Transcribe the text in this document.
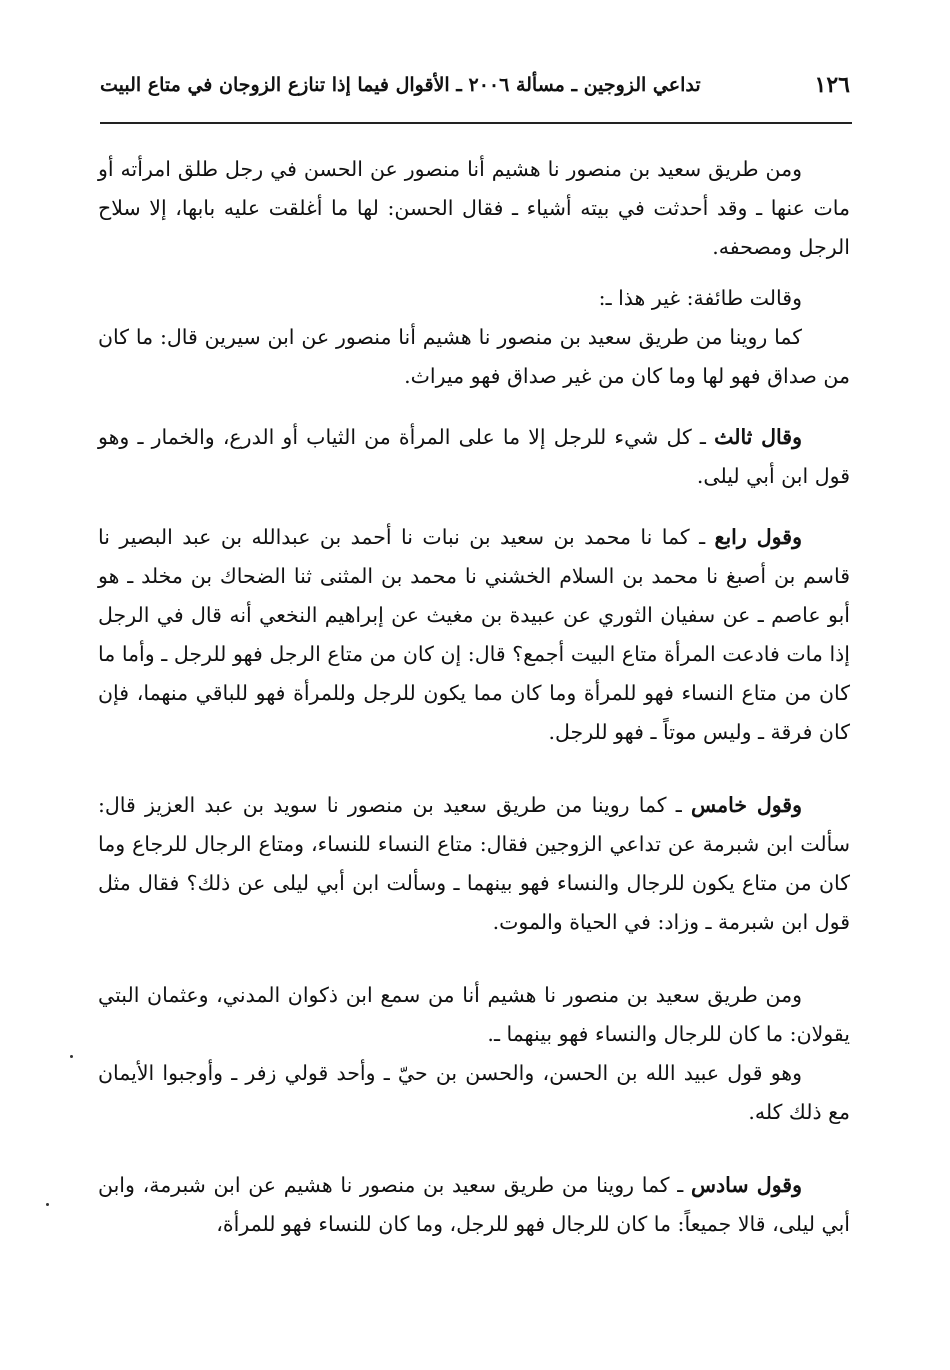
١٢٦
تداعي الزوجين ـ مسألة ٢٠٠٦ ـ الأقوال فيما إذا تنازع الزوجان في متاع البيت

ومن طريق سعيد بن منصور نا هشيم أنا منصور عن الحسن في رجل طلق امرأته أو مات عنها ـ وقد أحدثت في بيته أشياء ـ فقال الحسن: لها ما أغلقت عليه بابها، إلا سلاح الرجل ومصحفه.

وقالت طائفة: غير هذا ـ:

كما روينا من طريق سعيد بن منصور نا هشيم أنا منصور عن ابن سيرين قال: ما كان من صداق فهو لها وما كان من غير صداق فهو ميراث.

وقال ثالث ـ كل شيء للرجل إلا ما على المرأة من الثياب أو الدرع، والخمار ـ وهو قول ابن أبي ليلى.

وقول رابع ـ كما نا محمد بن سعيد بن نبات نا أحمد بن عبدالله بن عبد البصير نا قاسم بن أصبغ نا محمد بن السلام الخشني نا محمد بن المثنى ثنا الضحاك بن مخلد ـ هو أبو عاصم ـ عن سفيان الثوري عن عبيدة بن مغيث عن إبراهيم النخعي أنه قال في الرجل إذا مات فادعت المرأة متاع البيت أجمع؟ قال: إن كان من متاع الرجل فهو للرجل ـ وأما ما كان من متاع النساء فهو للمرأة وما كان مما يكون للرجل وللمرأة فهو للباقي منهما، فإن كان فرقة ـ وليس موتاً ـ فهو للرجل.

وقول خامس ـ كما روينا من طريق سعيد بن منصور نا سويد بن عبد العزيز قال: سألت ابن شبرمة عن تداعي الزوجين فقال: متاع النساء للنساء، ومتاع الرجال للرجاع وما كان من متاع يكون للرجال والنساء فهو بينهما ـ وسألت ابن أبي ليلى عن ذلك؟ فقال مثل قول ابن شبرمة ـ وزاد: في الحياة والموت.

ومن طريق سعيد بن منصور نا هشيم أنا من سمع ابن ذكوان المدني، وعثمان البتي يقولان: ما كان للرجال والنساء فهو بينهما ـ.

وهو قول عبيد الله بن الحسن، والحسن بن حيّ ـ وأحد قولي زفر ـ وأوجبوا الأيمان مع ذلك كله.

وقول سادس ـ كما روينا من طريق سعيد بن منصور نا هشيم عن ابن شبرمة، وابن أبي ليلى، قالا جميعاً: ما كان للرجال فهو للرجل، وما كان للنساء فهو للمرأة،
